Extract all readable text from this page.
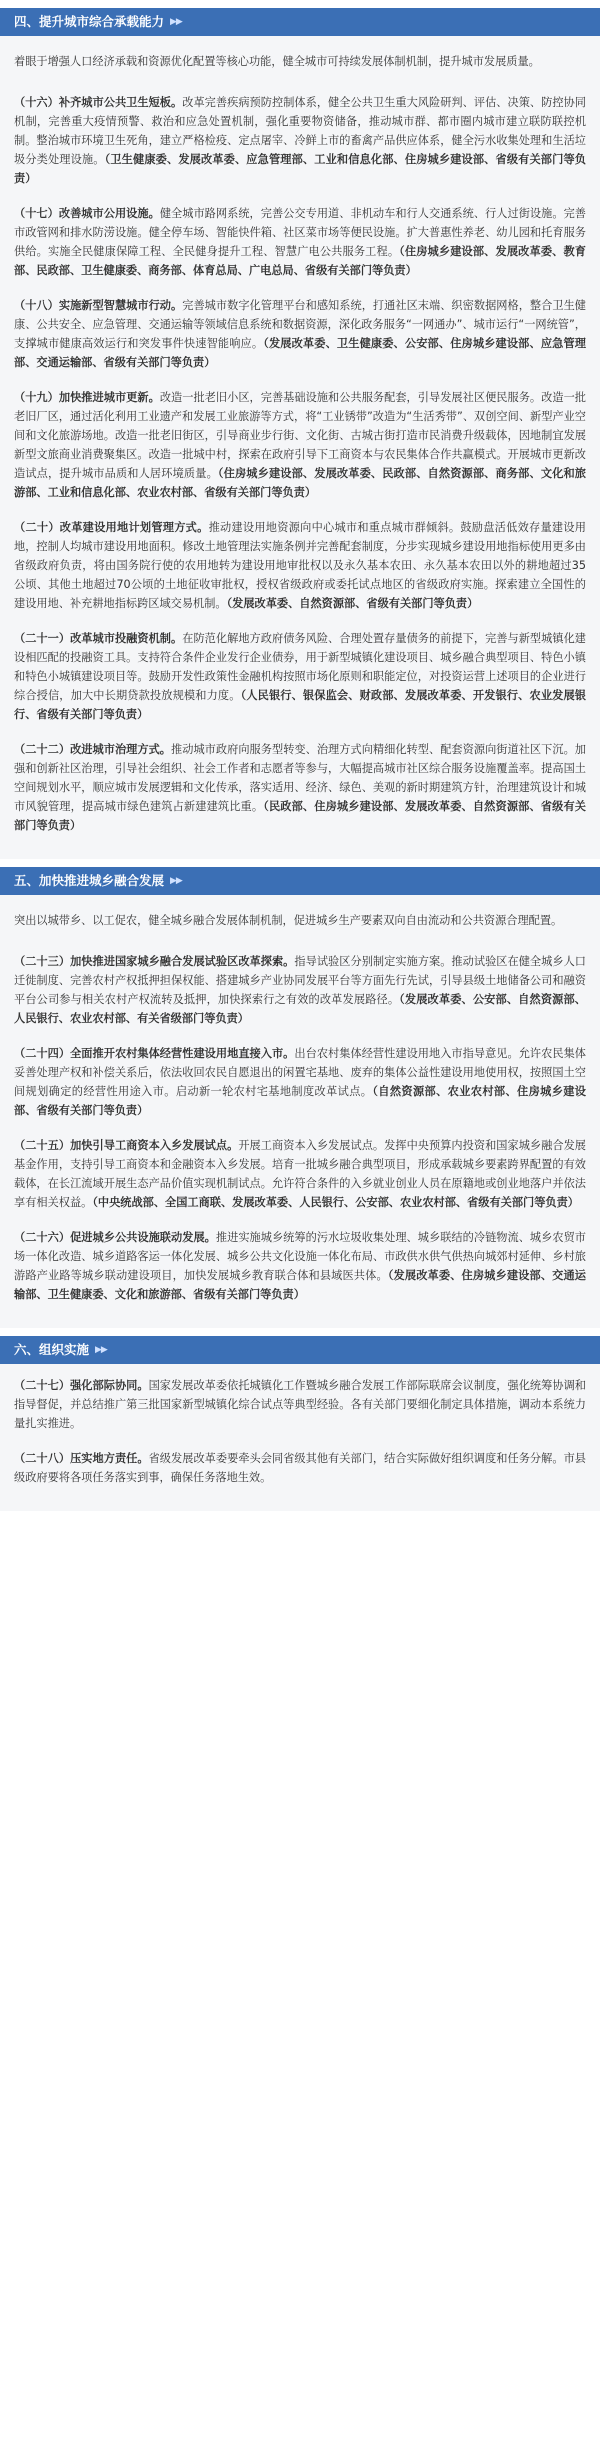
四、提升城市综合承载能力 ▶▶

着眼于增强人口经济承载和资源优化配置等核心功能，健全城市可持续发展体制机制，提升城市发展质量。

（十六）补齐城市公共卫生短板。改革完善疾病预防控制体系，健全公共卫生重大风险研判、评估、决策、防控协同机制，完善重大疫情预警、救治和应急处置机制，强化重要物资储备，推动城市群、都市圈内城市建立联防联控机制。整治城市环境卫生死角，建立严格检疫、定点屠宰、冷鲜上市的畜禽产品供应体系，健全污水收集处理和生活垃圾分类处理设施。（卫生健康委、发展改革委、应急管理部、工业和信息化部、住房城乡建设部、省级有关部门等负责）

（十七）改善城市公用设施。健全城市路网系统，完善公交专用道、非机动车和行人交通系统、行人过街设施。完善市政管网和排水防涝设施。健全停车场、智能快件箱、社区菜市场等便民设施。扩大普惠性养老、幼儿园和托育服务供给。实施全民健康保障工程、全民健身提升工程、智慧广电公共服务工程。（住房城乡建设部、发展改革委、教育部、民政部、卫生健康委、商务部、体育总局、广电总局、省级有关部门等负责）

（十八）实施新型智慧城市行动。完善城市数字化管理平台和感知系统，打通社区末端、织密数据网格，整合卫生健康、公共安全、应急管理、交通运输等领域信息系统和数据资源，深化政务服务“一网通办”、城市运行“一网统管”，支撑城市健康高效运行和突发事件快速智能响应。（发展改革委、卫生健康委、公安部、住房城乡建设部、应急管理部、交通运输部、省级有关部门等负责）

（十九）加快推进城市更新。改造一批老旧小区，完善基础设施和公共服务配套，引导发展社区便民服务。改造一批老旧厂区，通过活化利用工业遗产和发展工业旅游等方式，将“工业锈带”改造为“生活秀带”、双创空间、新型产业空间和文化旅游场地。改造一批老旧街区，引导商业步行街、文化街、古城古街打造市民消费升级载体，因地制宜发展新型文旅商业消费聚集区。改造一批城中村，探索在政府引导下工商资本与农民集体合作共赢模式。开展城市更新改造试点，提升城市品质和人居环境质量。（住房城乡建设部、发展改革委、民政部、自然资源部、商务部、文化和旅游部、工业和信息化部、农业农村部、省级有关部门等负责）

（二十）改革建设用地计划管理方式。推动建设用地资源向中心城市和重点城市群倾斜。鼓励盘活低效存量建设用地，控制人均城市建设用地面积。修改土地管理法实施条例并完善配套制度，分步实现城乡建设用地指标使用更多由省级政府负责，将由国务院行使的农用地转为建设用地审批权以及永久基本农田、永久基本农田以外的耕地超过35公顷、其他土地超过70公顷的土地征收审批权，授权省级政府或委托试点地区的省级政府实施。探索建立全国性的建设用地、补充耕地指标跨区域交易机制。（发展改革委、自然资源部、省级有关部门等负责）

（二十一）改革城市投融资机制。在防范化解地方政府债务风险、合理处置存量债务的前提下，完善与新型城镇化建设相匹配的投融资工具。支持符合条件企业发行企业债券，用于新型城镇化建设项目、城乡融合典型项目、特色小镇和特色小城镇建设项目等。鼓励开发性政策性金融机构按照市场化原则和职能定位，对投资运营上述项目的企业进行综合授信，加大中长期贷款投放规模和力度。（人民银行、银保监会、财政部、发展改革委、开发银行、农业发展银行、省级有关部门等负责）

（二十二）改进城市治理方式。推动城市政府向服务型转变、治理方式向精细化转型、配套资源向街道社区下沉。加强和创新社区治理，引导社会组织、社会工作者和志愿者等参与，大幅提高城市社区综合服务设施覆盖率。提高国土空间规划水平，顺应城市发展逻辑和文化传承，落实适用、经济、绿色、美观的新时期建筑方针，治理建筑设计和城市风貌管理，提高城市绿色建筑占新建建筑比重。（民政部、住房城乡建设部、发展改革委、自然资源部、省级有关部门等负责）

五、加快推进城乡融合发展 ▶▶

突出以城带乡、以工促农，健全城乡融合发展体制机制，促进城乡生产要素双向自由流动和公共资源合理配置。

（二十三）加快推进国家城乡融合发展试验区改革探索。指导试验区分别制定实施方案。推动试验区在健全城乡人口迁徙制度、完善农村产权抵押担保权能、搭建城乡产业协同发展平台等方面先行先试，引导县级土地储备公司和融资平台公司参与相关农村产权流转及抵押，加快探索行之有效的改革发展路径。（发展改革委、公安部、自然资源部、人民银行、农业农村部、有关省级部门等负责）

（二十四）全面推开农村集体经营性建设用地直接入市。出台农村集体经营性建设用地入市指导意见。允许农民集体妥善处理产权和补偿关系后，依法收回农民自愿退出的闲置宅基地、废弃的集体公益性建设用地使用权，按照国土空间规划确定的经营性用途入市。启动新一轮农村宅基地制度改革试点。（自然资源部、农业农村部、住房城乡建设部、省级有关部门等负责）

（二十五）加快引导工商资本入乡发展试点。开展工商资本入乡发展试点。发挥中央预算内投资和国家城乡融合发展基金作用，支持引导工商资本和金融资本入乡发展。培育一批城乡融合典型项目，形成承载城乡要素跨界配置的有效载体，在长江流域开展生态产品价值实现机制试点。允许符合条件的入乡就业创业人员在原籍地或创业地落户并依法享有相关权益。（中央统战部、全国工商联、发展改革委、人民银行、公安部、农业农村部、省级有关部门等负责）

（二十六）促进城乡公共设施联动发展。推进实施城乡统筹的污水垃圾收集处理、城乡联结的冷链物流、城乡农贸市场一体化改造、城乡道路客运一体化发展、城乡公共文化设施一体化布局、市政供水供气供热向城郊村延伸、乡村旅游路产业路等城乡联动建设项目，加快发展城乡教育联合体和县域医共体。（发展改革委、住房城乡建设部、交通运输部、卫生健康委、文化和旅游部、省级有关部门等负责）

六、组织实施 ▶▶

（二十七）强化部际协同。国家发展改革委依托城镇化工作暨城乡融合发展工作部际联席会议制度，强化统筹协调和指导督促，并总结推广第三批国家新型城镇化综合试点等典型经验。各有关部门要细化制定具体措施，调动本系统力量扎实推进。

（二十八）压实地方责任。省级发展改革委要牵头会同省级其他有关部门，结合实际做好组织调度和任务分解。市县级政府要将各项任务落实到事，确保任务落地生效。
